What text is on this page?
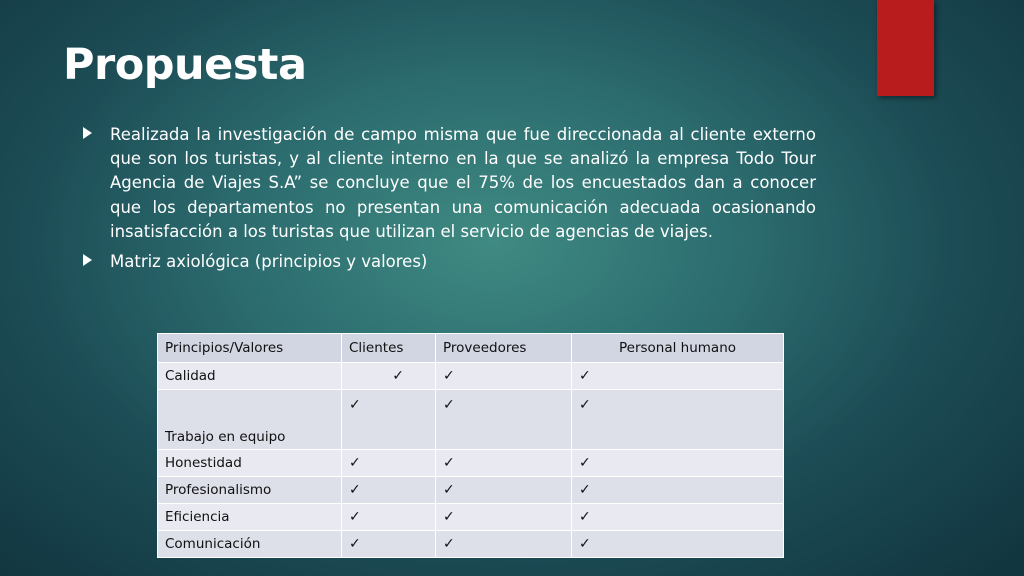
Propuesta

Realizada la investigación de campo misma que fue direccionada al cliente externo que son los turistas, y al cliente interno en la que se analizó la empresa Todo Tour Agencia de Viajes S.A” se concluye que el 75% de los encuestados dan a conocer que los departamentos no presentan una comunicación adecuada ocasionando insatisfacción a los turistas que utilizan el servicio de agencias de viajes.

Matriz axiológica (principios y valores)

Principios/Valores	Clientes	Proveedores	Personal humano
Calidad	✓	✓	✓
Trabajo en equipo	✓	✓	✓
Honestidad	✓	✓	✓
Profesionalismo	✓	✓	✓
Eficiencia	✓	✓	✓
Comunicación	✓	✓	✓
